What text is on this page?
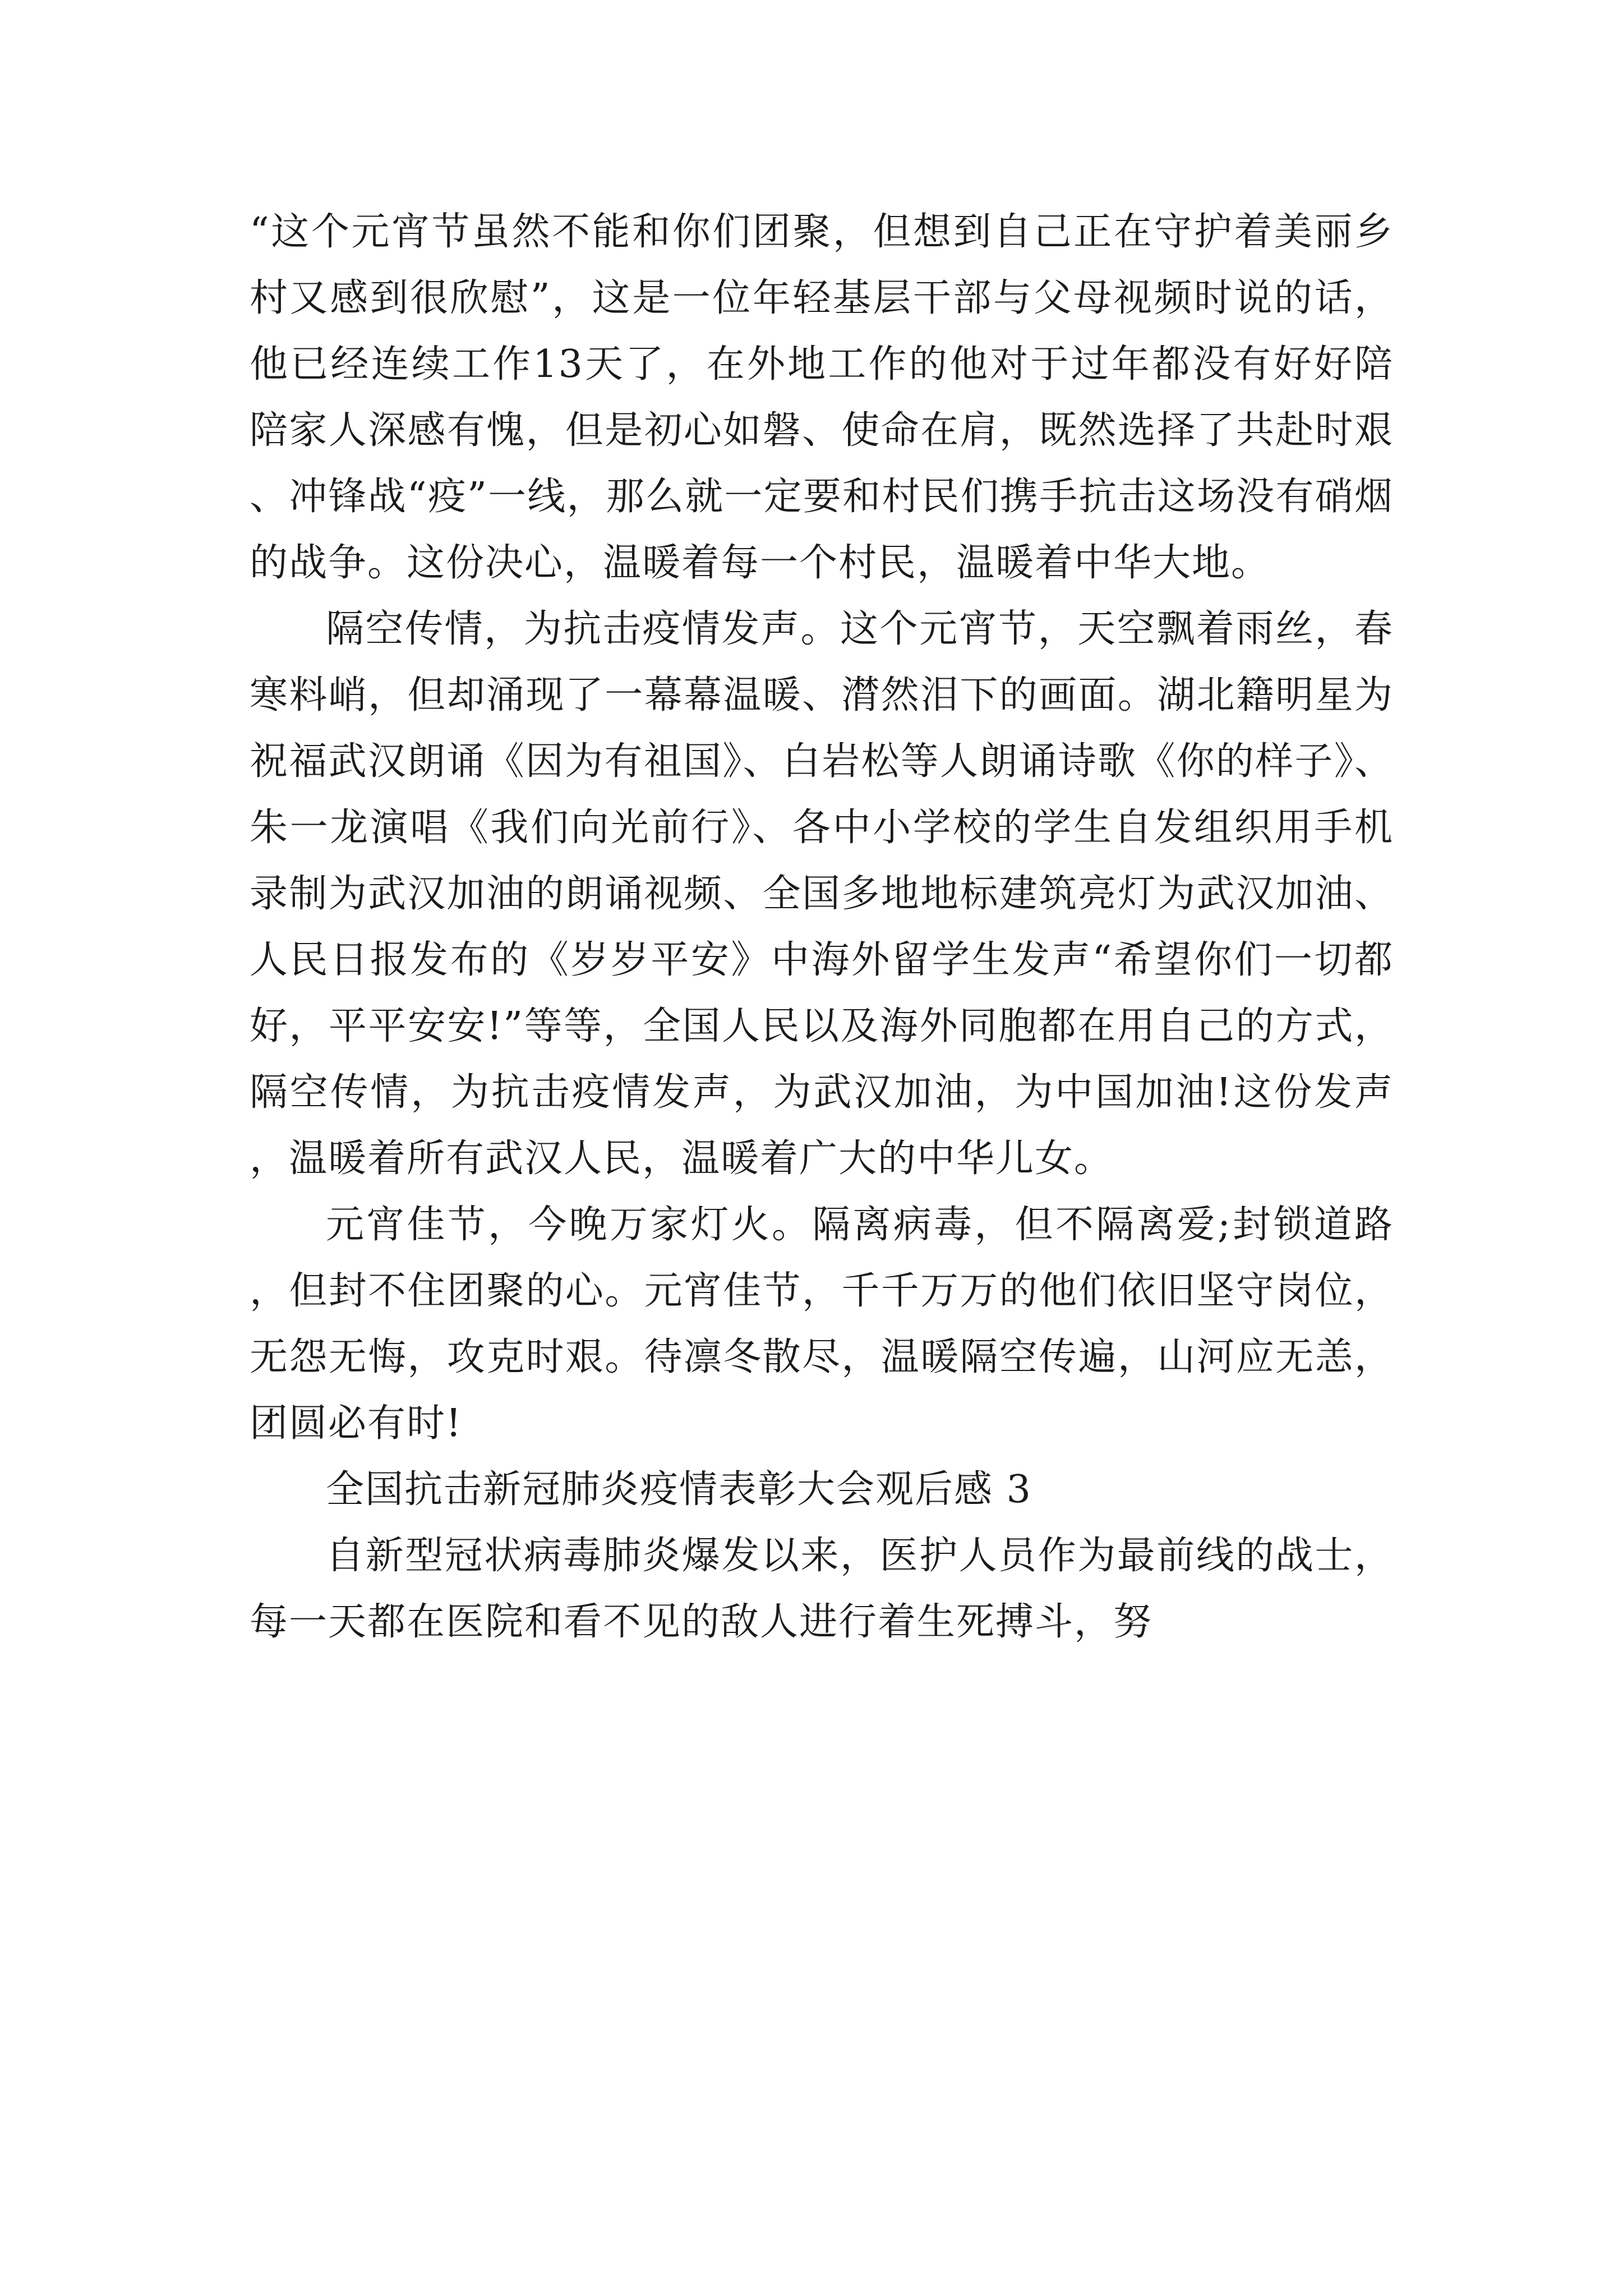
“这个元宵节虽然不能和你们团聚，但想到自己正在守护着美丽乡村又感到很欣慰”，这是一位年轻基层干部与父母视频时说的话，他已经连续工作13天了，在外地工作的他对于过年都没有好好陪陪家人深感有愧，但是初心如磐、使命在肩，既然选择了共赴时艰、冲锋战“疫”一线，那么就一定要和村民们携手抗击这场没有硝烟的战争。这份决心，温暖着每一个村民，温暖着中华大地。

隔空传情，为抗击疫情发声。这个元宵节，天空飘着雨丝，春寒料峭，但却涌现了一幕幕温暖、潸然泪下的画面。湖北籍明星为祝福武汉朗诵《因为有祖国》、白岩松等人朗诵诗歌《你的样子》、朱一龙演唱《我们向光前行》、各中小学校的学生自发组织用手机录制为武汉加油的朗诵视频、全国多地地标建筑亮灯为武汉加油、人民日报发布的《岁岁平安》中海外留学生发声“希望你们一切都好，平平安安!”等等，全国人民以及海外同胞都在用自己的方式，隔空传情，为抗击疫情发声，为武汉加油，为中国加油!这份发声，温暖着所有武汉人民，温暖着广大的中华儿女。

元宵佳节，今晚万家灯火。隔离病毒，但不隔离爱;封锁道路，但封不住团聚的心。元宵佳节，千千万万的他们依旧坚守岗位，无怨无悔，攻克时艰。待凛冬散尽，温暖隔空传遍，山河应无恙，团圆必有时!

全国抗击新冠肺炎疫情表彰大会观后感 3

自新型冠状病毒肺炎爆发以来，医护人员作为最前线的战士，每一天都在医院和看不见的敌人进行着生死搏斗，努
